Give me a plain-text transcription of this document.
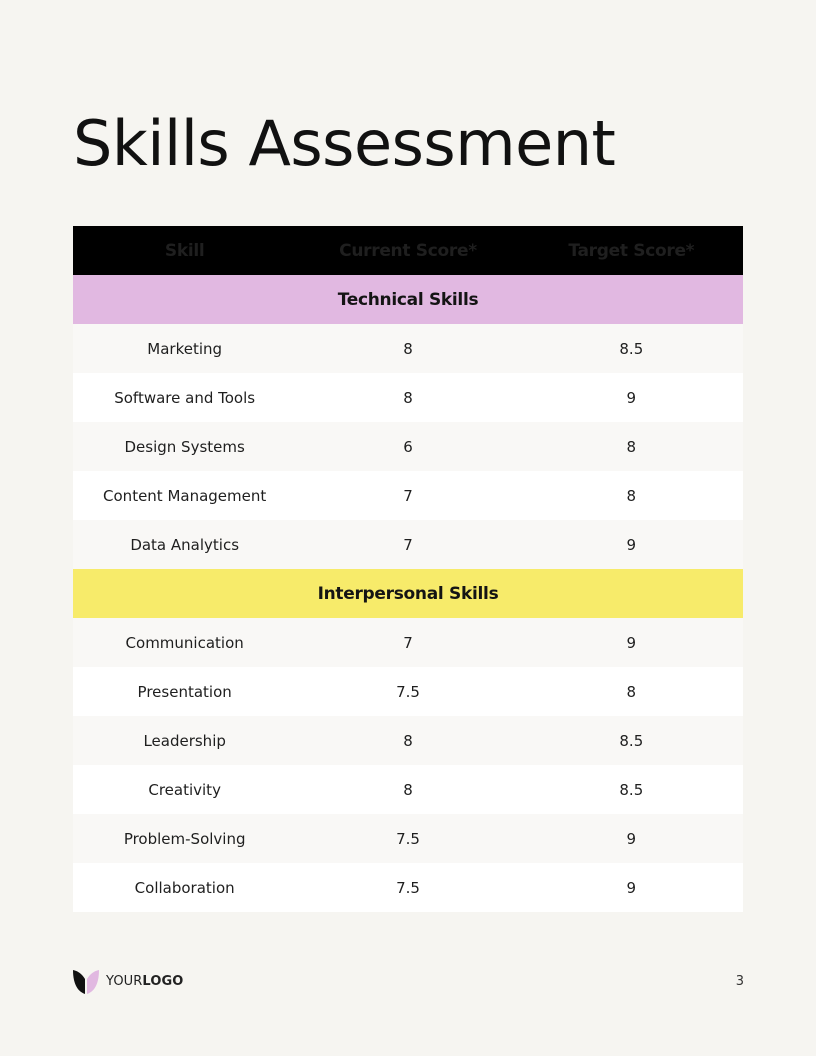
Skills Assessment
Skill	Current Score*	Target Score*
Technical Skills
Marketing	8	8.5
Software and Tools	8	9
Design Systems	6	8
Content Management	7	8
Data Analytics	7	9
Interpersonal Skills
Communication	7	9
Presentation	7.5	8
Leadership	8	8.5
Creativity	8	8.5
Problem-Solving	7.5	9
Collaboration	7.5	9
YOURLOGO	3
